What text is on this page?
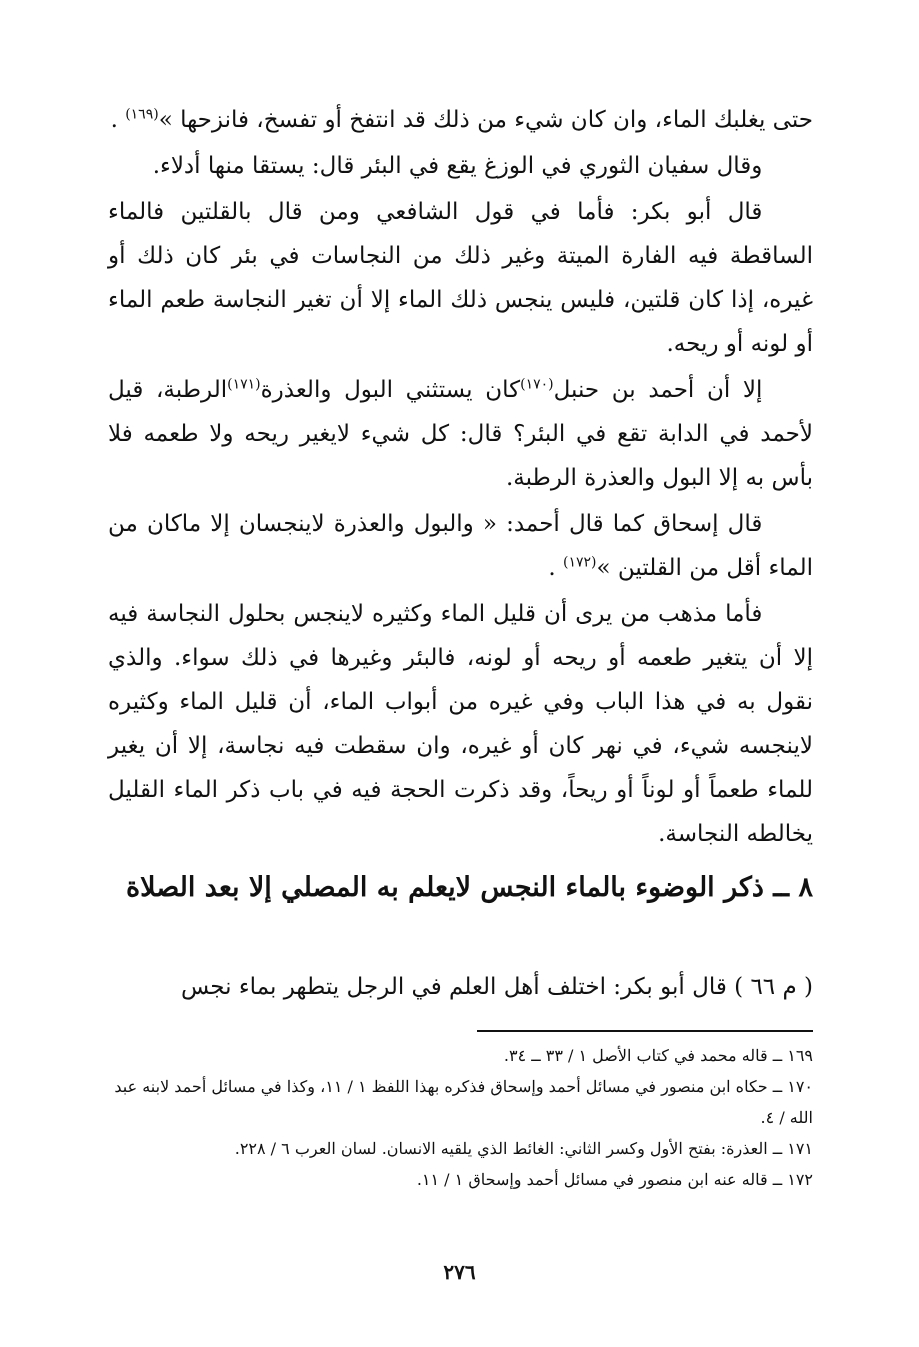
حتى يغلبك الماء، وان كان شيء من ذلك قد انتفخ أو تفسخ، فانزحها »$^{(١٦٩)}$ .

وقال سفيان الثوري في الوزغ يقع في البئر قال: يستقا منها أدلاء.

قال أبو بكر: فأما في قول الشافعي ومن قال بالقلتين فالماء الساقطة فيه الفارة الميتة وغير ذلك من النجاسات في بئر كان ذلك أو غيره، إذا كان قلتين، فليس ينجس ذلك الماء إلا أن تغير النجاسة طعم الماء أو لونه أو ريحه.

إلا أن أحمد بن حنبل$^{(١٧٠)}$كان يستثني البول والعذرة$^{(١٧١)}$الرطبة، قيل لأحمد في الدابة تقع في البئر؟ قال: كل شيء لايغير ريحه ولا طعمه فلا بأس به إلا البول والعذرة الرطبة.

قال إسحاق كما قال أحمد: « والبول والعذرة لاينجسان إلا ماكان من الماء أقل من القلتين »$^{(١٧٢)}$ .

فأما مذهب من يرى أن قليل الماء وكثيره لاينجس بحلول النجاسة فيه إلا أن يتغير طعمه أو ريحه أو لونه، فالبئر وغيرها في ذلك سواء. والذي نقول به في هذا الباب وفي غيره من أبواب الماء، أن قليل الماء وكثيره لاينجسه شيء، في نهر كان أو غيره، وان سقطت فيه نجاسة، إلا أن يغير للماء طعماً أو لوناً أو ريحاً، وقد ذكرت الحجة فيه في باب ذكر الماء القليل يخالطه النجاسة.

٨ ــ ذكر الوضوء بالماء النجس لايعلم به المصلي إلا بعد الصلاة
( م ٦٦ ) قال أبو بكر: اختلف أهل العلم في الرجل يتطهر بماء نجس

١٦٩ ــ قاله محمد في كتاب الأصل ١ / ٣٣ ــ ٣٤.

١٧٠ ــ حكاه ابن منصور في مسائل أحمد وإسحاق فذكره بهذا اللفظ ١ / ١١، وكذا في مسائل أحمد لابنه عبد الله / ٤.

١٧١ ــ العذرة: بفتح الأول وكسر الثاني: الغائط الذي يلقيه الانسان. لسان العرب ٦ / ٢٢٨.

١٧٢ ــ قاله عنه ابن منصور في مسائل أحمد وإسحاق ١ / ١١.

٢٧٦
